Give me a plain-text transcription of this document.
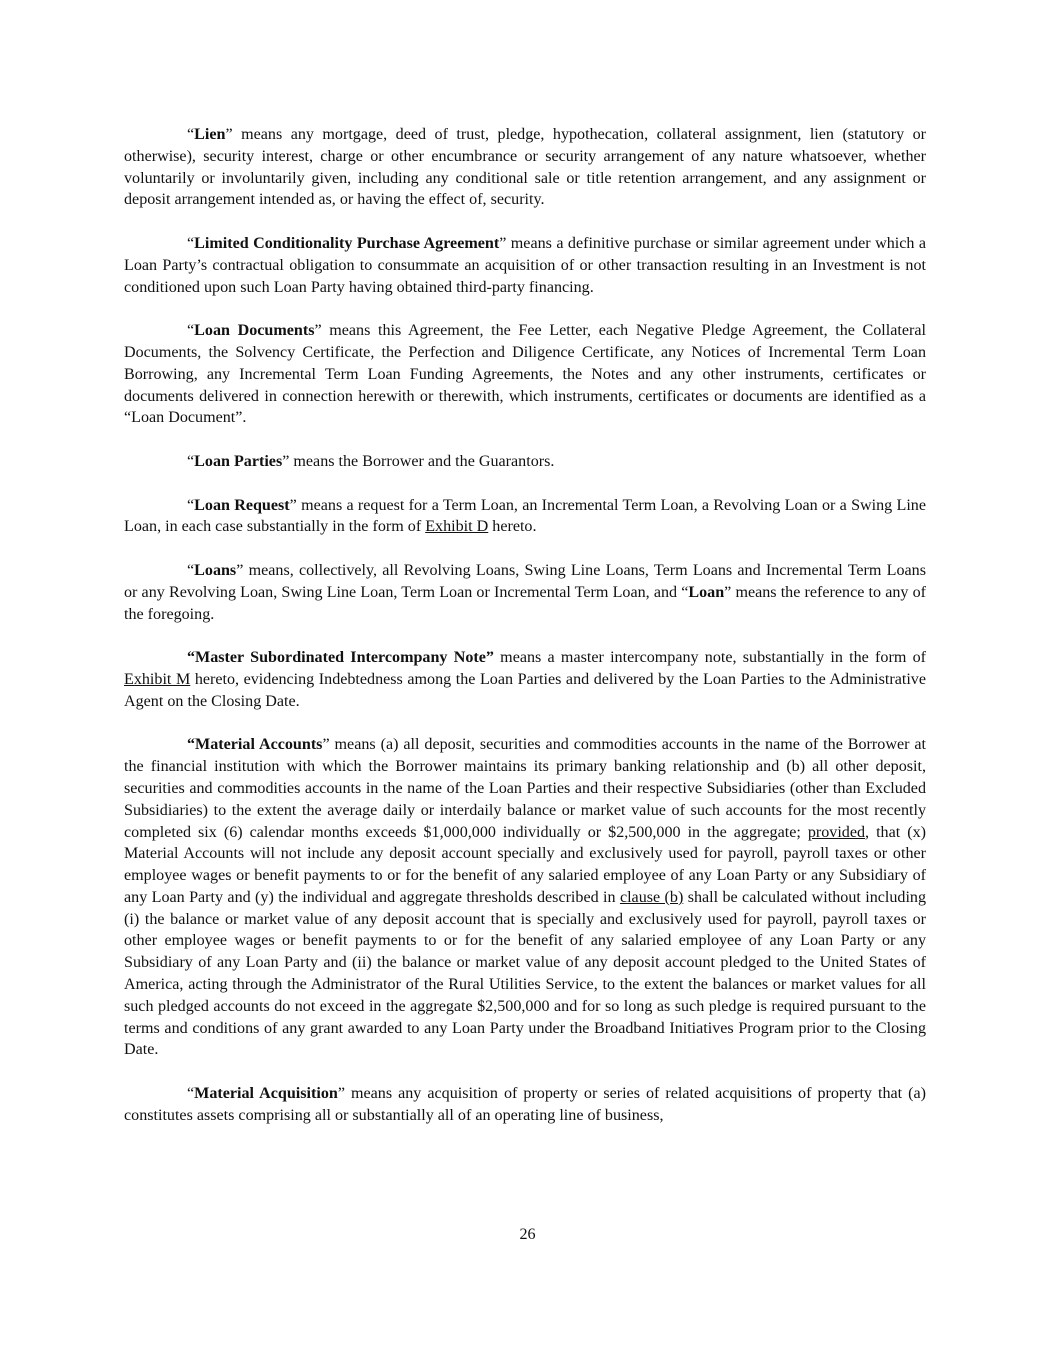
“Lien” means any mortgage, deed of trust, pledge, hypothecation, collateral assignment, lien (statutory or otherwise), security interest, charge or other encumbrance or security arrangement of any nature whatsoever, whether voluntarily or involuntarily given, including any conditional sale or title retention arrangement, and any assignment or deposit arrangement intended as, or having the effect of, security.

“Limited Conditionality Purchase Agreement” means a definitive purchase or similar agreement under which a Loan Party’s contractual obligation to consummate an acquisition of or other transaction resulting in an Investment is not conditioned upon such Loan Party having obtained third-party financing.

“Loan Documents” means this Agreement, the Fee Letter, each Negative Pledge Agreement, the Collateral Documents, the Solvency Certificate, the Perfection and Diligence Certificate, any Notices of Incremental Term Loan Borrowing, any Incremental Term Loan Funding Agreements, the Notes and any other instruments, certificates or documents delivered in connection herewith or therewith, which instruments, certificates or documents are identified as a “Loan Document”.

“Loan Parties” means the Borrower and the Guarantors.

“Loan Request” means a request for a Term Loan, an Incremental Term Loan, a Revolving Loan or a Swing Line Loan, in each case substantially in the form of Exhibit D hereto.

“Loans” means, collectively, all Revolving Loans, Swing Line Loans, Term Loans and Incremental Term Loans or any Revolving Loan, Swing Line Loan, Term Loan or Incremental Term Loan, and “Loan” means the reference to any of the foregoing.

“Master Subordinated Intercompany Note” means a master intercompany note, substantially in the form of Exhibit M hereto, evidencing Indebtedness among the Loan Parties and delivered by the Loan Parties to the Administrative Agent on the Closing Date.

“Material Accounts” means (a) all deposit, securities and commodities accounts in the name of the Borrower at the financial institution with which the Borrower maintains its primary banking relationship and (b) all other deposit, securities and commodities accounts in the name of the Loan Parties and their respective Subsidiaries (other than Excluded Subsidiaries) to the extent the average daily or interdaily balance or market value of such accounts for the most recently completed six (6) calendar months exceeds $1,000,000 individually or $2,500,000 in the aggregate; provided, that (x) Material Accounts will not include any deposit account specially and exclusively used for payroll, payroll taxes or other employee wages or benefit payments to or for the benefit of any salaried employee of any Loan Party or any Subsidiary of any Loan Party and (y) the individual and aggregate thresholds described in clause (b) shall be calculated without including (i) the balance or market value of any deposit account that is specially and exclusively used for payroll, payroll taxes or other employee wages or benefit payments to or for the benefit of any salaried employee of any Loan Party or any Subsidiary of any Loan Party and (ii) the balance or market value of any deposit account pledged to the United States of America, acting through the Administrator of the Rural Utilities Service, to the extent the balances or market values for all such pledged accounts do not exceed in the aggregate $2,500,000 and for so long as such pledge is required pursuant to the terms and conditions of any grant awarded to any Loan Party under the Broadband Initiatives Program prior to the Closing Date.

“Material Acquisition” means any acquisition of property or series of related acquisitions of property that (a) constitutes assets comprising all or substantially all of an operating line of business,

26
